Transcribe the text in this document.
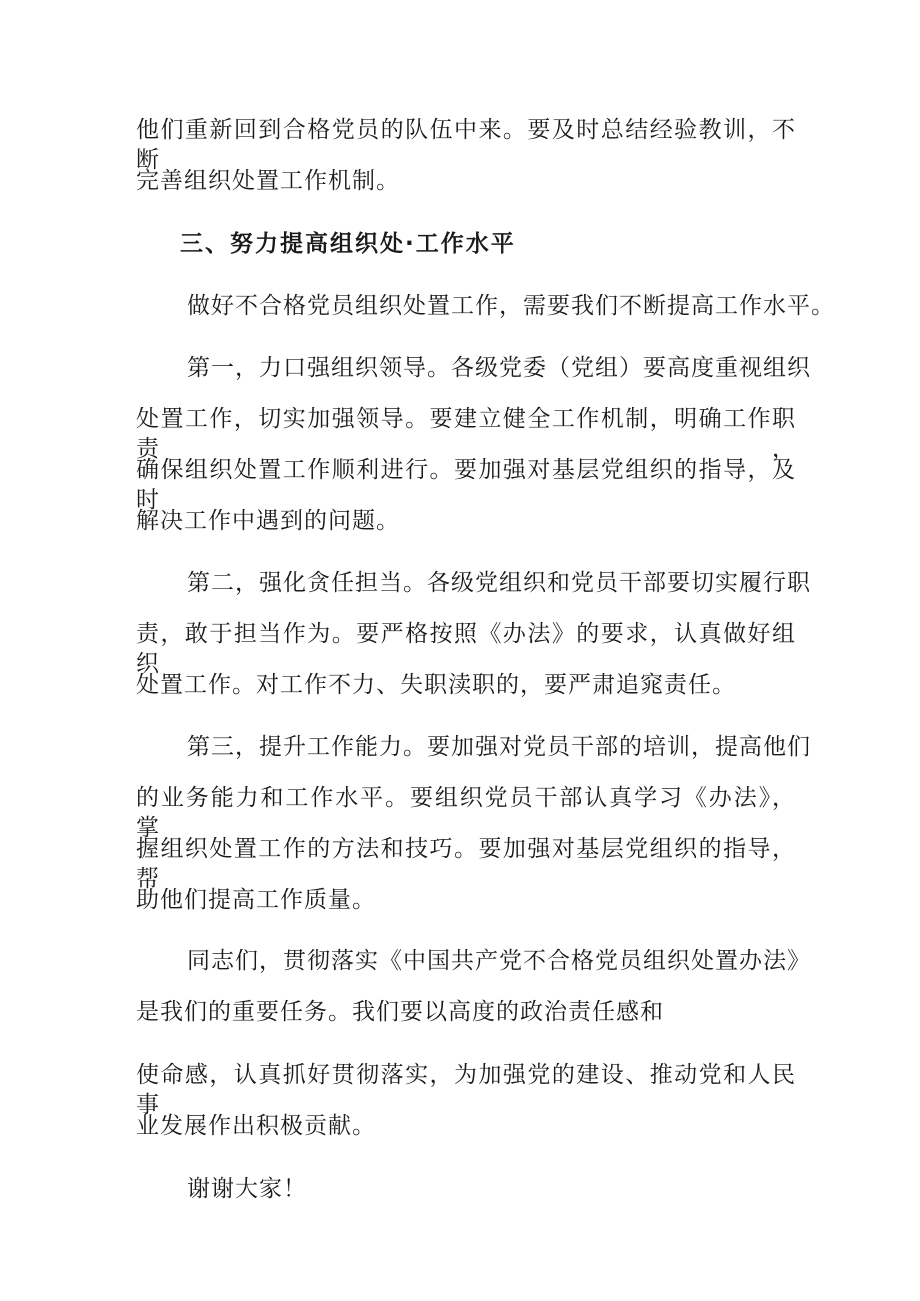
他们重新回到合格党员的队伍中来。要及时总结经验教训，不断
完善组织处置工作机制。
三、努力提高组织处·工作水平
做好不合格党员组织处置工作，需要我们不断提高工作水平。
第一，力口强组织领导。各级党委（党组）要高度重视组织
处置工作，切实加强领导。要建立健全工作机制，明确工作职责，
确保组织处置工作顺利进行。要加强对基层党组织的指导，及时
解决工作中遇到的问题。
第二，强化贪任担当。各级党组织和党员干部要切实履行职
责，敢于担当作为。要严格按照《办法》的要求，认真做好组织
处置工作。对工作不力、失职渎职的，要严肃追窕责任。
第三，提升工作能力。要加强对党员干部的培训，提高他们
的业务能力和工作水平。要组织党员干部认真学习《办法》，掌
握组织处置工作的方法和技巧。要加强对基层党组织的指导，帮
助他们提高工作质量。
同志们，贯彻落实《中国共产党不合格党员组织处置办法》
是我们的重要任务。我们要以高度的政治责任感和
使命感，认真抓好贯彻落实，为加强党的建设、推动党和人民事
业发展作出积极贡献。
谢谢大家！
